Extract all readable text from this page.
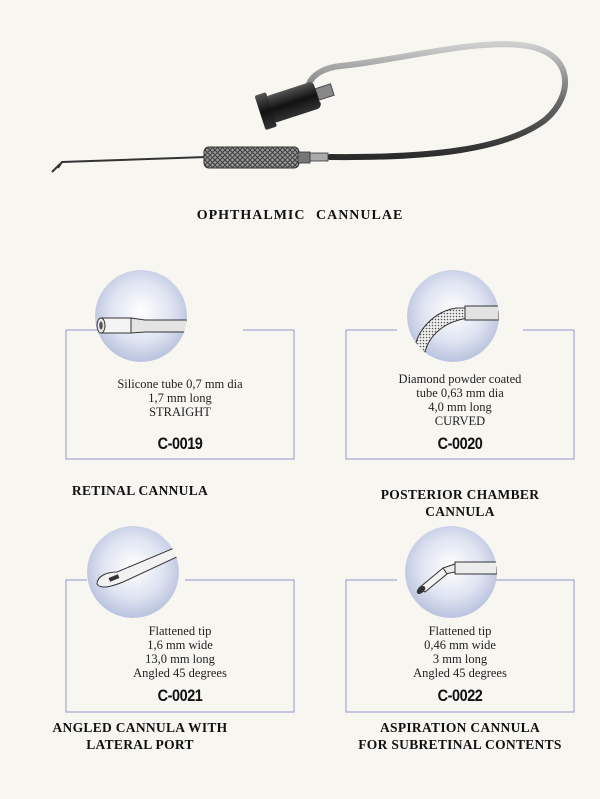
OPHTHALMIC CANNULAE
Silicone tube 0,7 mm dia
1,7 mm long
STRAIGHT
C-0019
RETINAL CANNULA
Diamond powder coated
tube 0,63 mm dia
4,0 mm long
CURVED
C-0020
POSTERIOR CHAMBER
CANNULA
Flattened tip
1,6 mm wide
13,0 mm long
Angled 45 degrees
C-0021
ANGLED CANNULA WITH
LATERAL PORT
Flattened tip
0,46 mm wide
3 mm long
Angled 45 degrees
C-0022
ASPIRATION CANNULA
FOR SUBRETINAL CONTENTS
